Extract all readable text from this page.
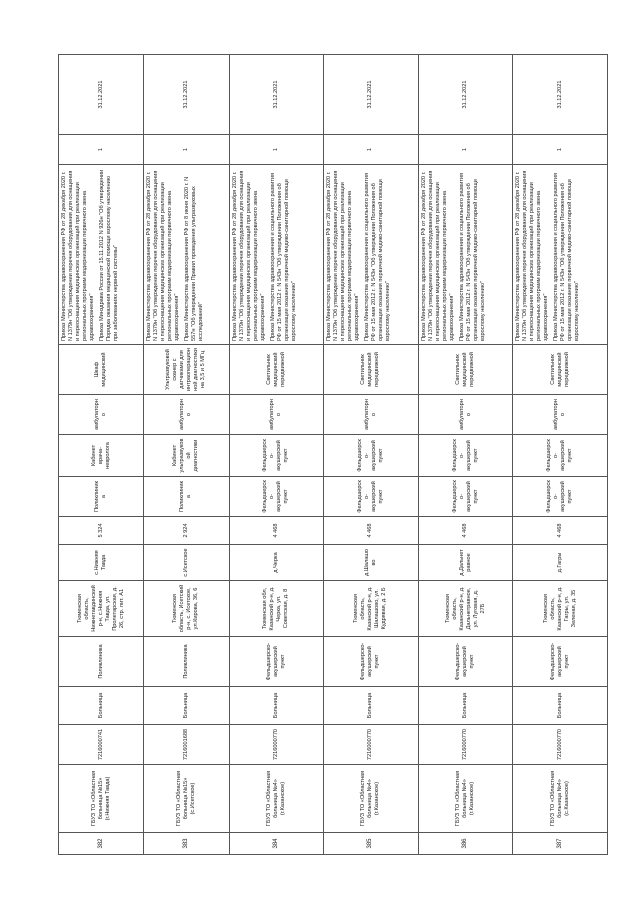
382	ГБУЗ ТО «Областная больница №15» (г.Нижняя Тавда)	7216000741	Больница	Поликлиника	Тюменская область, Нижнетавдинский р-н, с.Нижняя Тавда, ул. Пролетарская, д. 26, стр. лит. А1	с.Нижняя Тавда	5 324	Поликлиника	Кабинет врача-невролога	амбулаторно	Шкаф медицинский	Приказ Министерства здравоохранения РФ от 28 декабря 2020 г. N 1379н "Об утверждении перечня оборудования для оснащения и переоснащения медицинских организаций при реализации региональных программ модернизации первичного звена здравоохранения" Приказ Минздрава России от 15.11.2012 N 926н "Об утверждении Порядка оказания медицинской помощи взрослому населению при заболеваниях нервной системы"	1	31.12.2021
383	ГБУЗ ТО «Областная больница №15» (с.Исетское)	7216001688	Больница	Поликлиника	Тюменская область, Исетский р-н, с. Исетское, ул.Кирова, 36, 6	с.Исетское	2 924	Поликлиника	Кабинет ультразвуковой диагностики	амбулаторно	Ультразвуковой сканер с датчиками для интраоперационной диагностики на 3,5 и 5 МГц	Приказ Министерства здравоохранения РФ от 28 декабря 2020 г. N 1379н "Об утверждении перечня оборудования для оснащения и переоснащения медицинских организаций при реализации региональных программ модернизации первичного звена здравоохранения" Приказ Министерства здравоохранения РФ от 8 июня 2020 г. N 557н "Об утверждении Правил проведения ультразвуковых исследований"	1	31.12.2021
384	ГБУЗ ТО «Областная больница №4» (г.Казанское)	7216000770	Больница	Фельдшерско-акушерский пункт	Тюменская обл, Казанский р-н, д. Черка, ул. Советская, д. 8	д.Черка	4 468	Фельдшерско-акушерский пункт	Фельдшерско-акушерский пункт	амбулаторно	Светильник медицинский передвижной	Приказ Министерства здравоохранения РФ от 28 декабря 2020 г. N 1379н "Об утверждении перечня оборудования для оснащения и переоснащения медицинских организаций при реализации региональных программ модернизации первичного звена здравоохранения" Приказ Министерства здравоохранения и социального развития РФ от 15 мая 2012 г. N 543н "Об утверждении Положения об организации оказания первичной медико-санитарной помощи взрослому населению"	1	31.12.2021
385	ГБУЗ ТО «Областная больница №4» (г.Казанское)	7216000770	Больница	Фельдшерско-акушерский пункт	Тюменская область, Казанский р-н, д. Шалашово, ул. Кудрявая, д. 2 Б	д.Шалашово	4 468	Фельдшерско-акушерский пункт	Фельдшерско-акушерский пункт	амбулаторно	Светильник медицинский передвижной	Приказ Министерства здравоохранения РФ от 28 декабря 2020 г. N 1379н "Об утверждении перечня оборудования для оснащения и переоснащения медицинских организаций при реализации региональных программ модернизации первичного звена здравоохранения" Приказ Министерства здравоохранения и социального развития РФ от 15 мая 2012 г. N 543н "Об утверждении Положения об организации оказания первичной медико-санитарной помощи взрослому населению"	1	31.12.2021
386	ГБУЗ ТО «Областная больница №4» (г.Казанское)	7216000770	Больница	Фельдшерско-акушерский пункт	Тюменская область, Казанский р-н, д. Дальнетравное, ул. Луговая, д. 27Б	д.Дальнетравное	4 468	Фельдшерско-акушерский пункт	Фельдшерско-акушерский пункт	амбулаторно	Светильник медицинский передвижной	Приказ Министерства здравоохранения РФ от 28 декабря 2020 г. N 1379н "Об утверждении перечня оборудования для оснащения и переоснащения медицинских организаций при реализации региональных программ модернизации первичного звена здравоохранения" Приказ Министерства здравоохранения и социального развития РФ от 15 мая 2012 г. N 543н "Об утверждении Положения об организации оказания первичной медико-санитарной помощи взрослому населению"	1	31.12.2021
387	ГБУЗ ТО «Областная больница №4» (с.Казанское)	7216000770	Больница	Фельдшерско-акушерский пункт	Тюменская область, Казанский р-н, д. Гагры, ул. Зеленая, д. 35	д.Гагры	4 468	Фельдшерско-акушерский пункт	Фельдшерско-акушерский пункт	амбулаторно	Светильник медицинский передвижной	Приказ Министерства здравоохранения РФ от 28 декабря 2020 г. N 1379н "Об утверждении перечня оборудования для оснащения и переоснащения медицинских организаций при реализации региональных программ модернизации первичного звена здравоохранения" Приказ Министерства здравоохранения и социального развития РФ от 15 мая 2012 г. N 543н "Об утверждении Положения об организации оказания первичной медико-санитарной помощи взрослому населению"	1	31.12.2021
